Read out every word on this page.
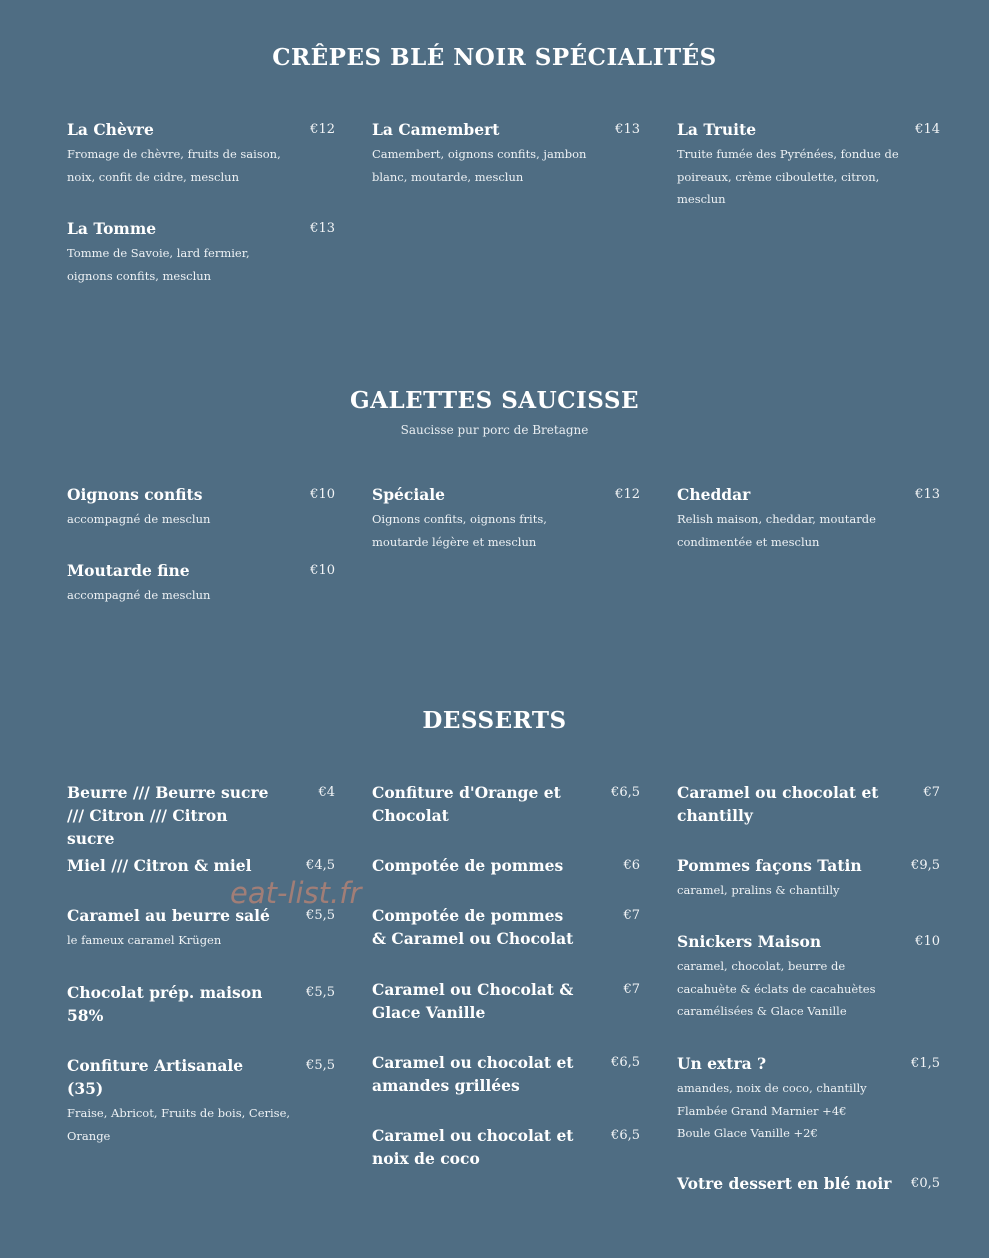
CRÊPES BLÉ NOIR SPÉCIALITÉS
La Chèvre	€12
Fromage de chèvre, fruits de saison, noix, confit de cidre, mesclun
La Camembert	€13
Camembert, oignons confits, jambon blanc, moutarde, mesclun
La Truite	€14
Truite fumée des Pyrénées, fondue de poireaux, crème ciboulette, citron, mesclun
La Tomme	€13
Tomme de Savoie, lard fermier, oignons confits, mesclun
GALETTES SAUCISSE
Saucisse pur porc de Bretagne
Oignons confits	€10
accompagné de mesclun
Spéciale	€12
Oignons confits, oignons frits, moutarde légère et mesclun
Cheddar	€13
Relish maison, cheddar, moutarde condimentée et mesclun
Moutarde fine	€10
accompagné de mesclun
DESSERTS
Beurre /// Beurre sucre /// Citron /// Citron sucre
€4
Miel /// Citron & miel	€4,5
Caramel au beurre salé	€5,5
le fameux caramel Krügen
Chocolat prép. maison 58%
€5,5
Confiture Artisanale (35)
€5,5
Fraise, Abricot, Fruits de bois, Cerise, Orange
Confiture d'Orange et Chocolat
€6,5
Compotée de pommes	€6
Compotée de pommes & Caramel ou Chocolat
€7
Caramel ou Chocolat & Glace Vanille
€7
Caramel ou chocolat et amandes grillées
€6,5
Caramel ou chocolat et noix de coco
€6,5
Caramel ou chocolat et chantilly
€7
Pommes façons Tatin	€9,5
caramel, pralins & chantilly
Snickers Maison	€10
caramel, chocolat, beurre de cacahuète & éclats de cacahuètes caramélisées & Glace Vanille
Un extra ?	€1,5
amandes, noix de coco, chantilly
Flambée Grand Marnier +4€
Boule Glace Vanille +2€
Votre dessert en blé noir	€0,5
eat-list.fr
